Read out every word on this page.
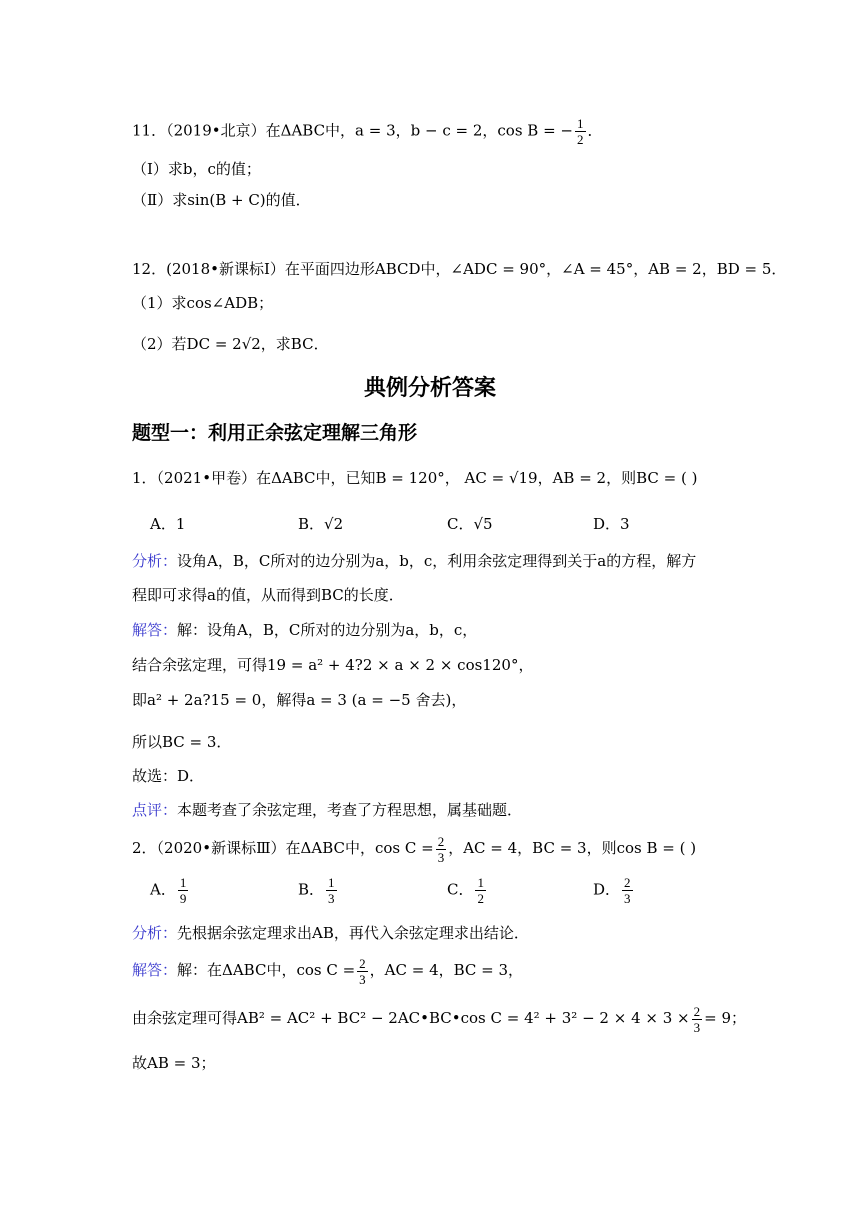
11．（2019•北京）在ΔABC中，a = 3，b − c = 2，cos B = − $\frac{1}{2}$ ．
（Ⅰ）求b，c的值；
（Ⅱ）求sin(B + C)的值．
12．(2018•新课标Ⅰ）在平面四边形ABCD中，∠ADC = 90°，∠A = 45°，AB = 2，BD = 5．
（1）求cos∠ADB；
（2）若DC = 2√2，求BC．
典例分析答案
题型一：利用正余弦定理解三角形
1．（2021•甲卷）在ΔABC中，已知B = 120°， AC = √19，AB = 2，则BC = ( )
A．1	B．√2	C．√5	D．3
分析：设角A，B，C所对的边分别为a，b，c，利用余弦定理得到关于a的方程，解方
程即可求得a的值，从而得到BC的长度．
解答：解：设角A，B，C所对的边分别为a，b，c，
结合余弦定理，可得19 = a² + 4?2 × a × 2 × cos120°，
即a² + 2a?15 = 0，解得a = 3 (a = −5 舍去)，
所以BC = 3．
故选：D．
点评：本题考查了余弦定理，考查了方程思想，属基础题．
2．（2020•新课标Ⅲ）在ΔABC中，$\cos C = \frac{2}{3}$ ，AC = 4，BC = 3，则cos B = ( )
A． $\frac{1}{9}$	B． $\frac{1}{3}$	C． $\frac{1}{2}$	D． $\frac{2}{3}$
分析：先根据余弦定理求出AB，再代入余弦定理求出结论．
解答：解：在ΔABC中，$\cos C = \frac{2}{3}$ ，AC = 4，BC = 3，
由余弦定理可得AB² = AC² + BC² − 2AC•BC•cos $C = 4^2 + 3^2 - 2 \times 4 \times 3 \times \frac{2}{3} = 9$；
故AB = 3；
